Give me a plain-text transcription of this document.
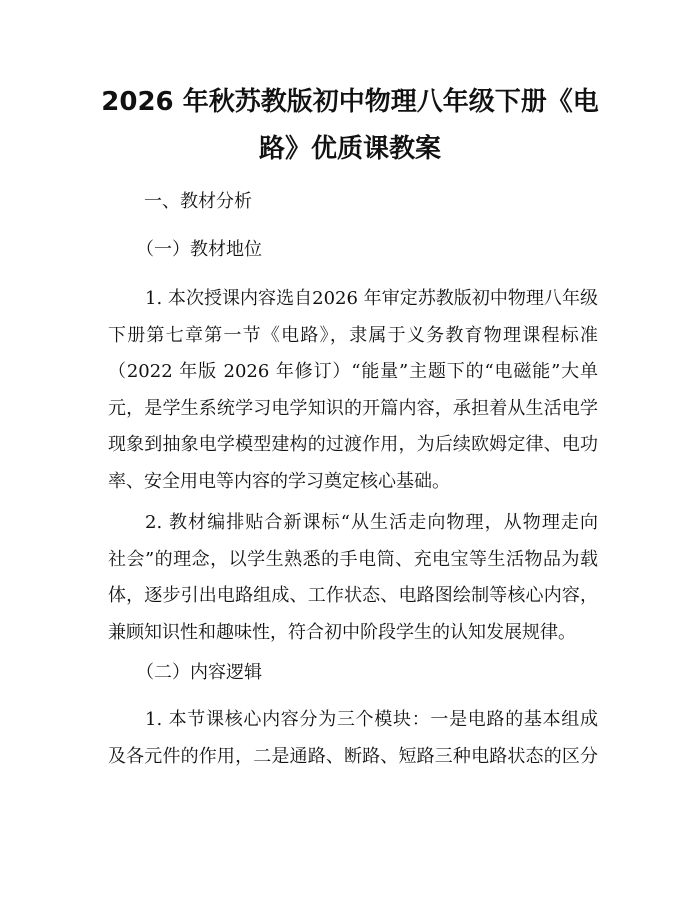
2026 年秋苏教版初中物理八年级下册《电
路》优质课教案

一、教材分析

（一）教材地位

1. 本次授课内容选自2026 年审定苏教版初中物理八年级
下册第七章第一节《电路》，隶属于义务教育物理课程标准
（2022 年版 2026 年修订）“能量”主题下的“电磁能”大单
元，是学生系统学习电学知识的开篇内容，承担着从生活电学
现象到抽象电学模型建构的过渡作用，为后续欧姆定律、电功
率、安全用电等内容的学习奠定核心基础。

2. 教材编排贴合新课标“从生活走向物理，从物理走向
社会”的理念，以学生熟悉的手电筒、充电宝等生活物品为载
体，逐步引出电路组成、工作状态、电路图绘制等核心内容，
兼顾知识性和趣味性，符合初中阶段学生的认知发展规律。

（二）内容逻辑

1. 本节课核心内容分为三个模块：一是电路的基本组成
及各元件的作用，二是通路、断路、短路三种电路状态的区分
